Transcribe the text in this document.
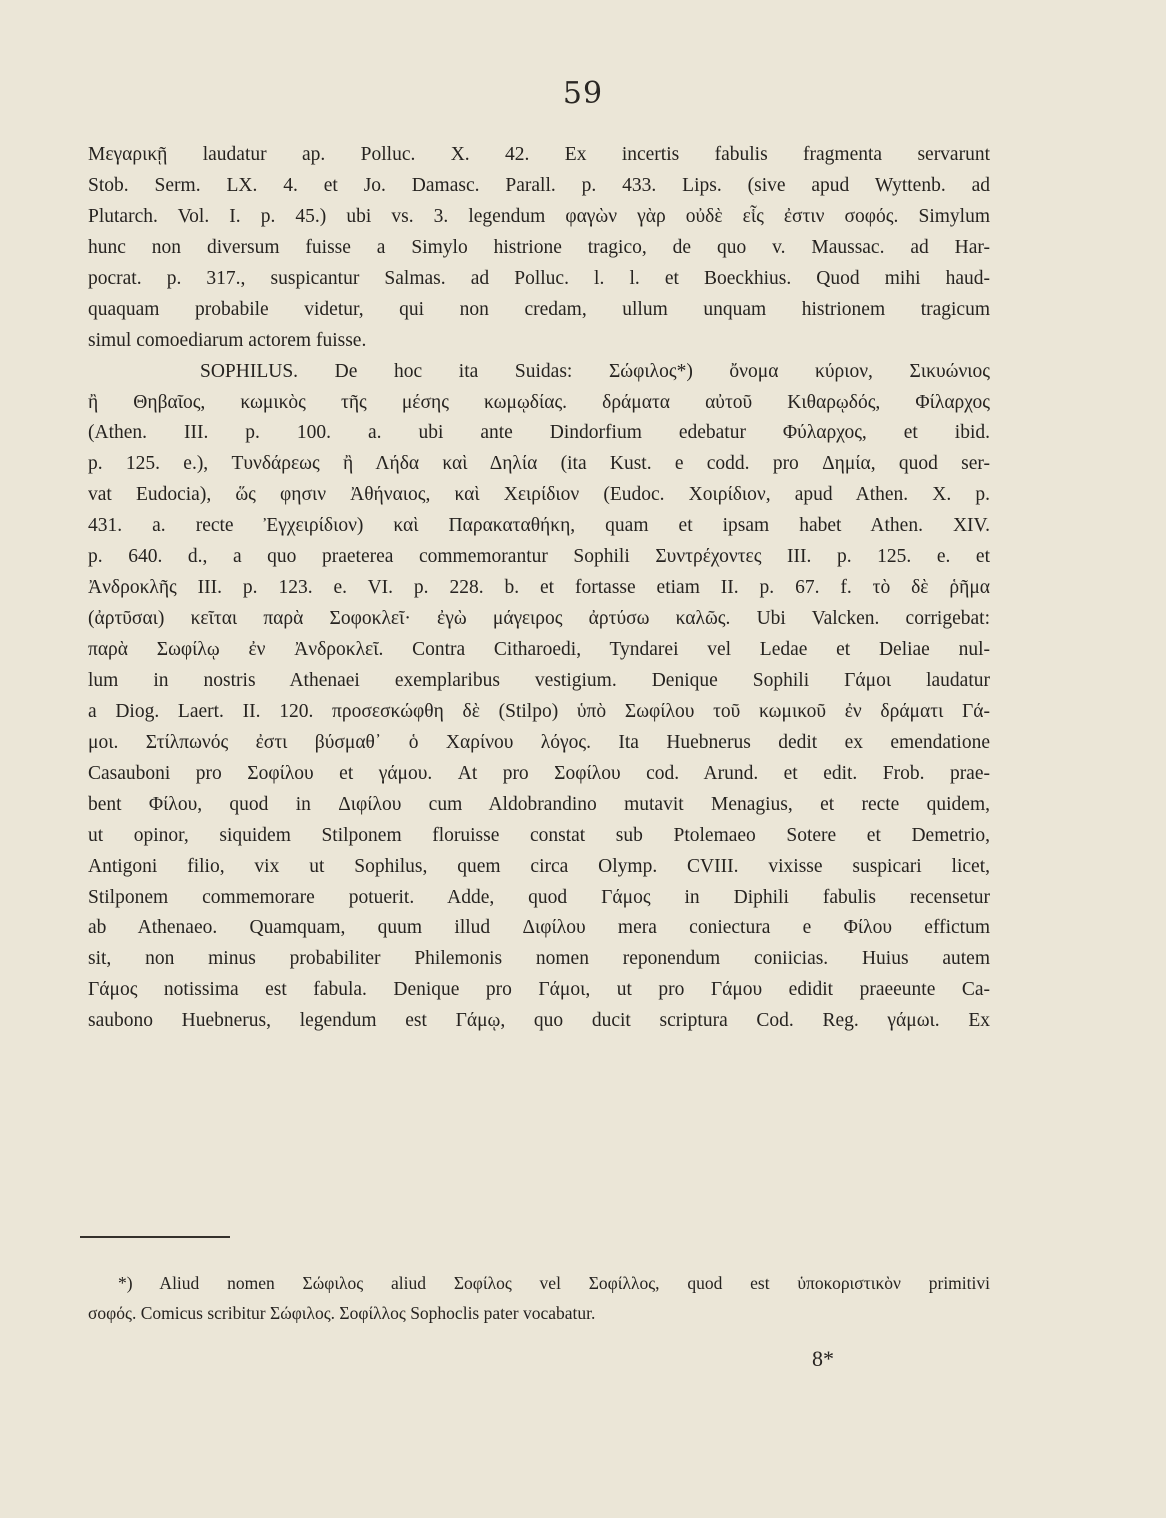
59
Μεγαρικῇ laudatur ap. Polluc. X. 42. Ex incertis fabulis fragmenta servarunt
Stob. Serm. LX. 4. et Jo. Damasc. Parall. p. 433. Lips. (sive apud Wyttenb. ad
Plutarch. Vol. I. p. 45.) ubi vs. 3. legendum φαγὼν γὰρ οὐδὲ εἷς ἐστιν σοφός. Simylum
hunc non diversum fuisse a Simylo histrione tragico, de quo v. Maussac. ad Har-
pocrat. p. 317., suspicantur Salmas. ad Polluc. l. l. et Boeckhius. Quod mihi haud-
quaquam probabile videtur, qui non credam, ullum unquam histrionem tragicum
simul comoediarum actorem fuisse.
SOPHILUS. De hoc ita Suidas: Σώφιλος*) ὄνομα κύριον, Σικυώνιος
ἢ Θηβαῖος, κωμικὸς τῆς μέσης κωμῳδίας. δράματα αὐτοῦ Κιθαρῳδός, Φίλαρχος
(Athen. III. p. 100. a. ubi ante Dindorfium edebatur Φύλαρχος, et ibid.
p. 125. e.), Τυνδάρεως ἢ Λήδα καὶ Δηλία (ita Kust. e codd. pro Δημία, quod ser-
vat Eudocia), ὥς φησιν Ἀθήναιος, καὶ Χειρίδιον (Eudoc. Χοιρίδιον, apud Athen. X. p.
431. a. recte Ἐγχειρίδιον) καὶ Παρακαταθήκη, quam et ipsam habet Athen. XIV.
p. 640. d., a quo praeterea commemorantur Sophili Συντρέχοντες III. p. 125. e. et
Ἀνδροκλῆς III. p. 123. e. VI. p. 228. b. et fortasse etiam II. p. 67. f. τὸ δὲ ῥῆμα
(ἀρτῦσαι) κεῖται παρὰ Σοφοκλεῖ· ἐγὼ μάγειρος ἀρτύσω καλῶς. Ubi Valcken. corrigebat:
παρὰ Σωφίλῳ ἐν Ἀνδροκλεῖ. Contra Citharoedi, Tyndarei vel Ledae et Deliae nul-
lum in nostris Athenaei exemplaribus vestigium. Denique Sophili Γάμοι laudatur
a Diog. Laert. II. 120. προσεσκώφθη δὲ (Stilpo) ὑπὸ Σωφίλου τοῦ κωμικοῦ ἐν δράματι Γά-
μοι. Στίλπωνός ἐστι βύσμαθ᾽ ὁ Χαρίνου λόγος. Ita Huebnerus dedit ex emendatione
Casauboni pro Σοφίλου et γάμου. At pro Σοφίλου cod. Arund. et edit. Frob. prae-
bent Φίλου, quod in Διφίλου cum Aldobrandino mutavit Menagius, et recte quidem,
ut opinor, siquidem Stilponem floruisse constat sub Ptolemaeo Sotere et Demetrio,
Antigoni filio, vix ut Sophilus, quem circa Olymp. CVIII. vixisse suspicari licet,
Stilponem commemorare potuerit. Adde, quod Γάμος in Diphili fabulis recensetur
ab Athenaeo. Quamquam, quum illud Διφίλου mera coniectura e Φίλου effictum
sit, non minus probabiliter Philemonis nomen reponendum coniicias. Huius autem
Γάμος notissima est fabula. Denique pro Γάμοι, ut pro Γάμου edidit praeeunte Ca-
saubono Huebnerus, legendum est Γάμῳ, quo ducit scriptura Cod. Reg. γάμωι. Ex
*) Aliud nomen Σώφιλος aliud Σοφίλος vel Σοφίλλος, quod est ὑποκοριστικὸν primitivi
σοφός. Comicus scribitur Σώφιλος. Σοφίλλος Sophoclis pater vocabatur.
8*
